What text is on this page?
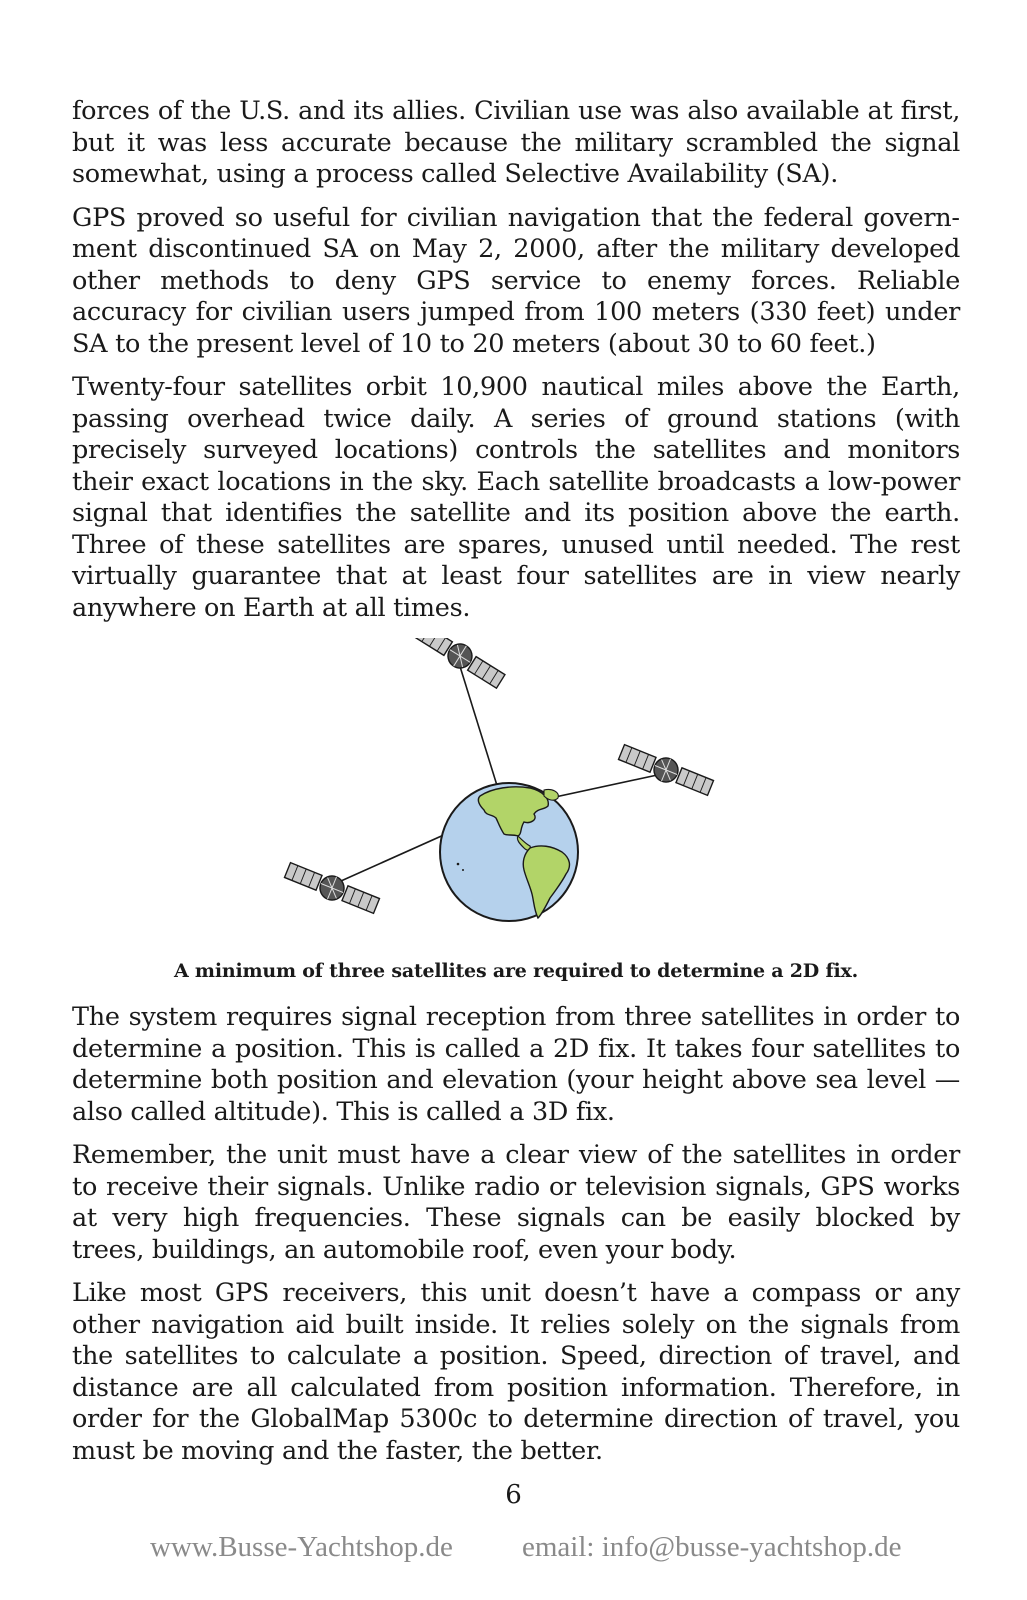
forces of the U.S. and its allies. Civilian use was also available at first, but it was less accurate because the military scrambled the signal somewhat, using a process called Selective Availability (SA).

GPS proved so useful for civilian navigation that the federal government discontinued SA on May 2, 2000, after the military developed other methods to deny GPS service to enemy forces. Reliable accuracy for civilian users jumped from 100 meters (330 feet) under SA to the present level of 10 to 20 meters (about 30 to 60 feet.)

Twenty-four satellites orbit 10,900 nautical miles above the Earth, passing overhead twice daily. A series of ground stations (with precisely surveyed locations) controls the satellites and monitors their exact locations in the sky. Each satellite broadcasts a low-power signal that identifies the satellite and its position above the earth. Three of these satellites are spares, unused until needed. The rest virtually guarantee that at least four satellites are in view nearly anywhere on Earth at all times.

A minimum of three satellites are required to determine a 2D fix.

The system requires signal reception from three satellites in order to determine a position. This is called a 2D fix. It takes four satellites to determine both position and elevation (your height above sea level — also called altitude). This is called a 3D fix.

Remember, the unit must have a clear view of the satellites in order to receive their signals. Unlike radio or television signals, GPS works at very high frequencies. These signals can be easily blocked by trees, buildings, an automobile roof, even your body.

Like most GPS receivers, this unit doesn’t have a compass or any other navigation aid built inside. It relies solely on the signals from the satellites to calculate a position. Speed, direction of travel, and distance are all calculated from position information. Therefore, in order for the GlobalMap 5300c to determine direction of travel, you must be moving and the faster, the better.

6
www.Busse-Yachtshop.de email: info@busse-yachtshop.de
